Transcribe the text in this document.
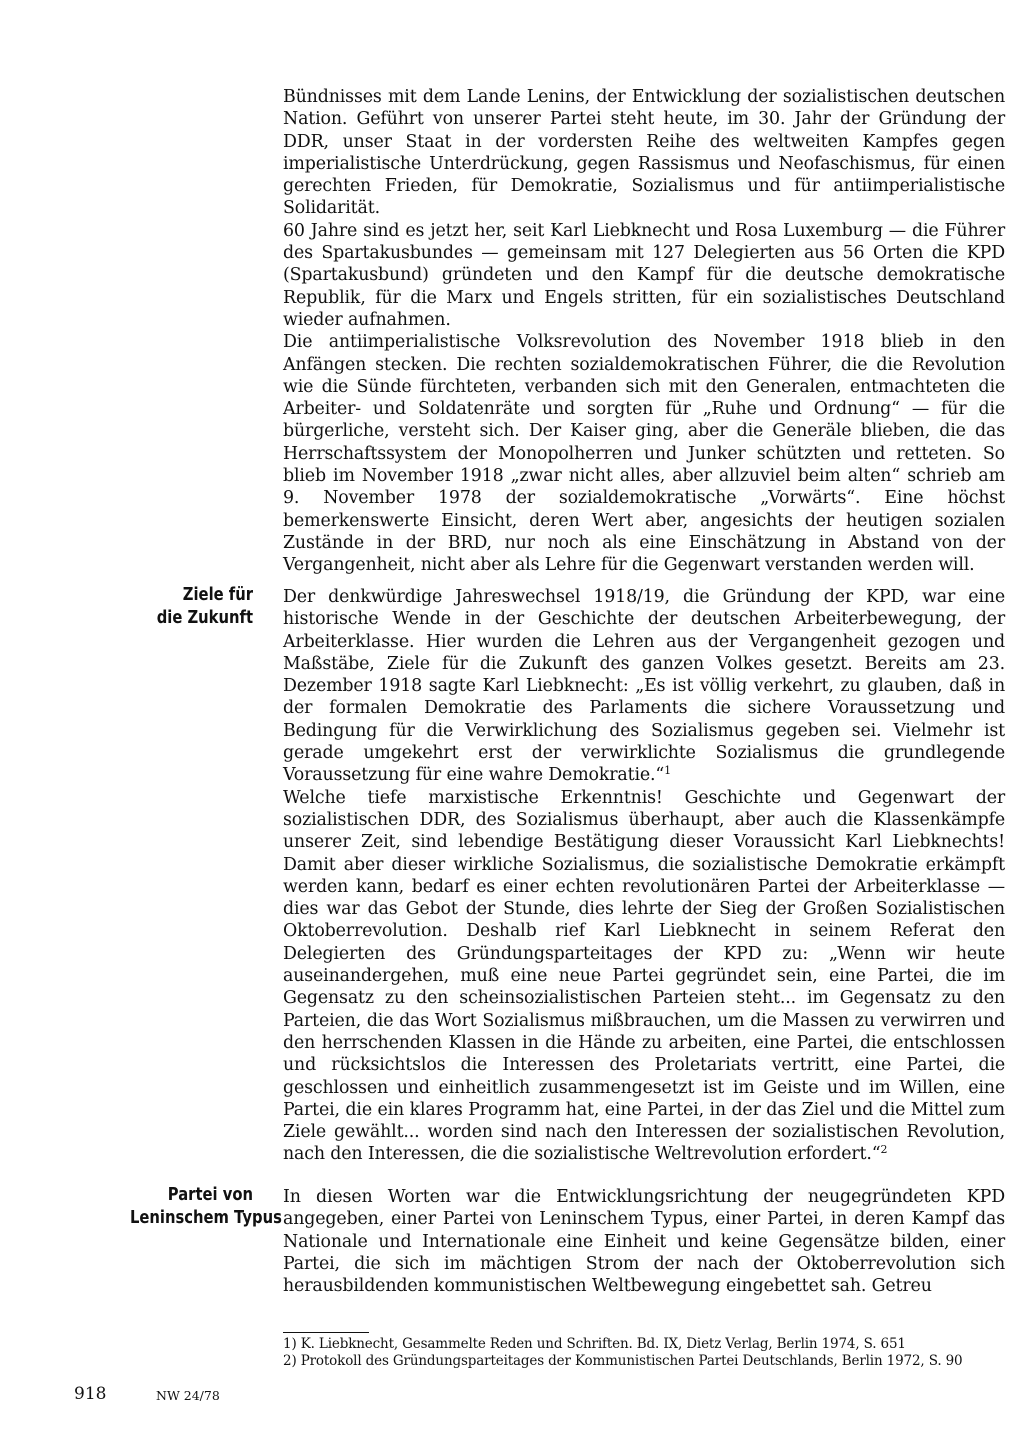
Bündnisses mit dem Lande Lenins, der Entwicklung der sozialistischen deutschen Nation. Geführt von unserer Partei steht heute, im 30. Jahr der Gründung der DDR, unser Staat in der vordersten Reihe des weltweiten Kampfes gegen imperialistische Unterdrückung, gegen Rassismus und Neofaschismus, für einen gerechten Frieden, für Demokratie, Sozialismus und für antiimperialistische Solidarität.

60 Jahre sind es jetzt her, seit Karl Liebknecht und Rosa Luxemburg — die Führer des Spartakusbundes — gemeinsam mit 127 Delegierten aus 56 Orten die KPD (Spartakusbund) gründeten und den Kampf für die deutsche demokratische Republik, für die Marx und Engels stritten, für ein sozialistisches Deutschland wieder aufnahmen.

Die antiimperialistische Volksrevolution des November 1918 blieb in den Anfängen stecken. Die rechten sozialdemokratischen Führer, die die Revolution wie die Sünde fürchteten, verbanden sich mit den Generalen, entmachteten die Arbeiter- und Soldatenräte und sorgten für „Ruhe und Ordnung“ — für die bürgerliche, versteht sich. Der Kaiser ging, aber die Generäle blieben, die das Herrschaftssystem der Monopolherren und Junker schützten und retteten. So blieb im November 1918 „zwar nicht alles, aber allzuviel beim alten“ schrieb am 9. November 1978 der sozialdemokratische „Vorwärts“. Eine höchst bemerkenswerte Einsicht, deren Wert aber, angesichts der heutigen sozialen Zustände in der BRD, nur noch als eine Einschätzung in Abstand von der Vergangenheit, nicht aber als Lehre für die Gegenwart verstanden werden will.

Ziele für
die Zukunft

Der denkwürdige Jahreswechsel 1918/19, die Gründung der KPD, war eine historische Wende in der Geschichte der deutschen Arbeiterbewegung, der Arbeiterklasse. Hier wurden die Lehren aus der Vergangenheit gezogen und Maßstäbe, Ziele für die Zukunft des ganzen Volkes gesetzt. Bereits am 23. Dezember 1918 sagte Karl Liebknecht: „Es ist völlig verkehrt, zu glauben, daß in der formalen Demokratie des Parlaments die sichere Voraussetzung und Bedingung für die Verwirklichung des Sozialismus gegeben sei. Vielmehr ist gerade umgekehrt erst der verwirklichte Sozialismus die grundlegende Voraussetzung für eine wahre Demokratie.“$^1$

Welche tiefe marxistische Erkenntnis! Geschichte und Gegenwart der sozialistischen DDR, des Sozialismus überhaupt, aber auch die Klassenkämpfe unserer Zeit, sind lebendige Bestätigung dieser Voraussicht Karl Liebknechts! Damit aber dieser wirkliche Sozialismus, die sozialistische Demokratie erkämpft werden kann, bedarf es einer echten revolutionären Partei der Arbeiterklasse — dies war das Gebot der Stunde, dies lehrte der Sieg der Großen Sozialistischen Oktoberrevolution. Deshalb rief Karl Liebknecht in seinem Referat den Delegierten des Gründungsparteitages der KPD zu: „Wenn wir heute auseinandergehen, muß eine neue Partei gegründet sein, eine Partei, die im Gegensatz zu den scheinsozialistischen Parteien steht... im Gegensatz zu den Parteien, die das Wort Sozialismus mißbrauchen, um die Massen zu verwirren und den herrschenden Klassen in die Hände zu arbeiten, eine Partei, die entschlossen und rücksichtslos die Interessen des Proletariats vertritt, eine Partei, die geschlossen und einheitlich zusammengesetzt ist im Geiste und im Willen, eine Partei, die ein klares Programm hat, eine Partei, in der das Ziel und die Mittel zum Ziele gewählt... worden sind nach den Interessen der sozialistischen Revolution, nach den Interessen, die die sozialistische Weltrevolution erfordert.“$^2$

Partei von
Leninschem Typus

In diesen Worten war die Entwicklungsrichtung der neugegründeten KPD angegeben, einer Partei von Leninschem Typus, einer Partei, in deren Kampf das Nationale und Internationale eine Einheit und keine Gegensätze bilden, einer Partei, die sich im mächtigen Strom der nach der Oktoberrevolution sich herausbildenden kommunistischen Weltbewegung eingebettet sah. Getreu

1) K. Liebknecht, Gesammelte Reden und Schriften. Bd. IX, Dietz Verlag, Berlin 1974, S. 651
2) Protokoll des Gründungsparteitages der Kommunistischen Partei Deutschlands, Berlin 1972, S. 90
918	NW 24/78
